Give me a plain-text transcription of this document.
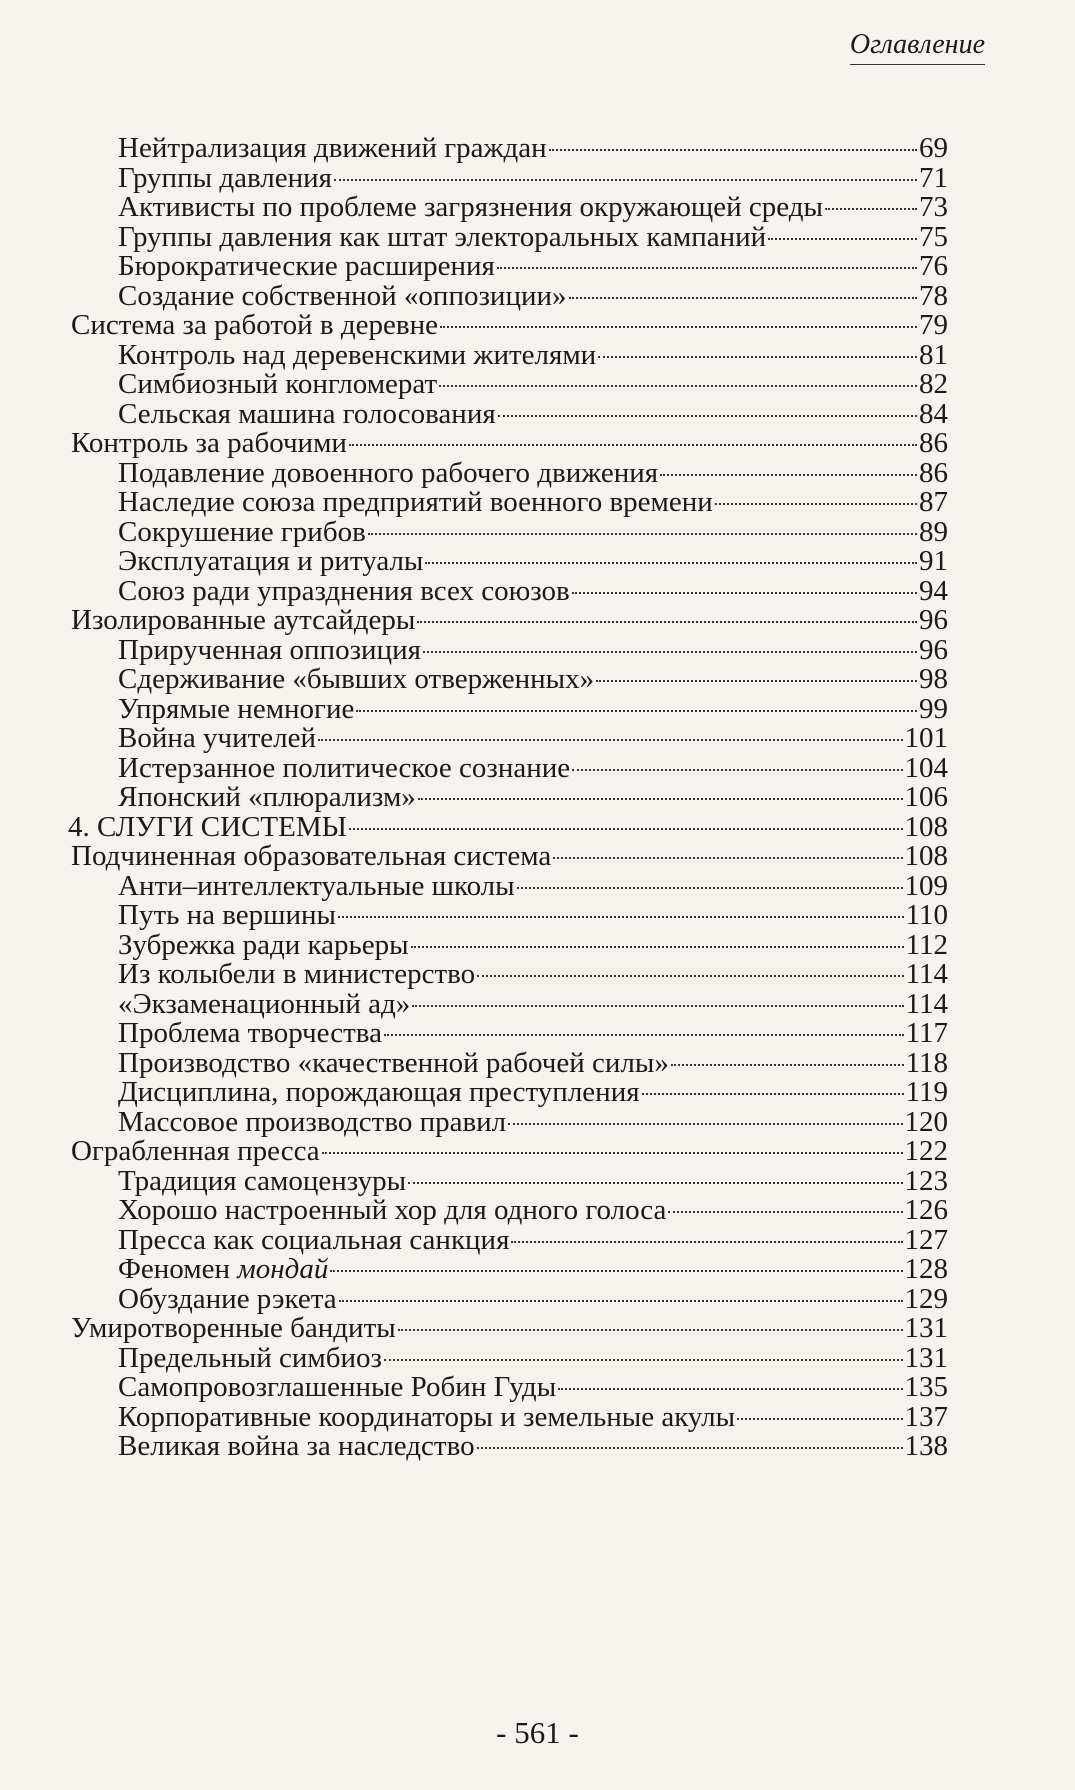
Оглавление
Нейтрализация движений граждан	69
Группы давления	71
Активисты по проблеме загрязнения окружающей среды	73
Группы давления как штат электоральных кампаний	75
Бюрократические расширения	76
Создание собственной «оппозиции»	78
Система за работой в деревне	79
Контроль над деревенскими жителями	81
Симбиозный конгломерат	82
Сельская машина голосования	84
Контроль за рабочими	86
Подавление довоенного рабочего движения	86
Наследие союза предприятий военного времени	87
Сокрушение грибов	89
Эксплуатация и ритуалы	91
Союз ради упразднения всех союзов	94
Изолированные аутсайдеры	96
Прирученная оппозиция	96
Сдерживание «бывших отверженных»	98
Упрямые немногие	99
Война учителей	101
Истерзанное политическое сознание	104
Японский «плюрализм»	106
4. СЛУГИ СИСТЕМЫ	108
Подчиненная образовательная система	108
Анти–интеллектуальные школы	109
Путь на вершины	110
Зубрежка ради карьеры	112
Из колыбели в министерство	114
«Экзаменационный ад»	114
Проблема творчества	117
Производство «качественной рабочей силы»	118
Дисциплина, порождающая преступления	119
Массовое производство правил	120
Ограбленная пресса	122
Традиция самоцензуры	123
Хорошо настроенный хор для одного голоса	126
Пресса как социальная санкция	127
Феномен мондай	128
Обуздание рэкета	129
Умиротворенные бандиты	131
Предельный симбиоз	131
Самопровозглашенные Робин Гуды	135
Корпоративные координаторы и земельные акулы	137
Великая война за наследство	138
- 561 -
